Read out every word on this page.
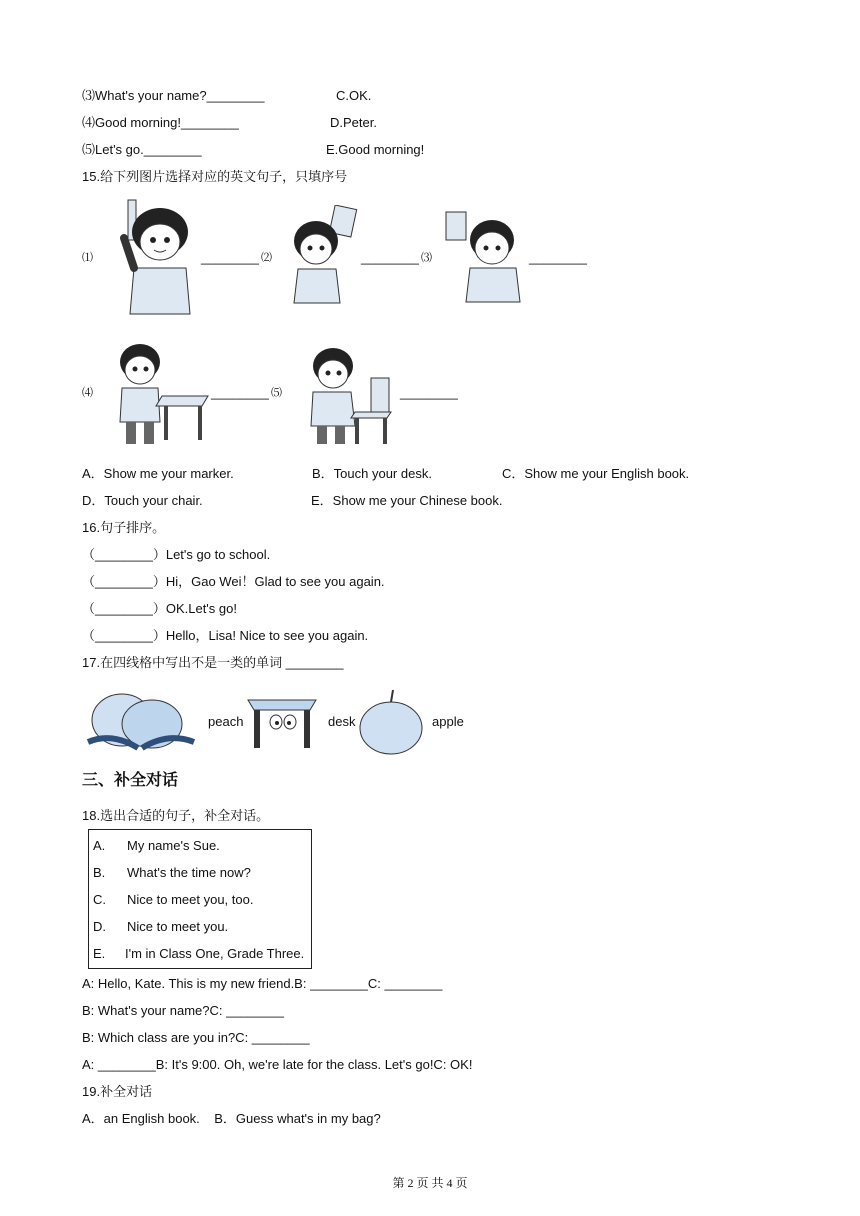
⑶What's your name?________	C.OK.
⑷Good morning!________	D.Peter.
⑸Let's go.________	E.Good morning!
15.给下列图片选择对应的英文句子，只填序号
⑴	________ ⑵	________ ⑶	________
⑷	________ ⑸	________
A．Show me your marker.	B．Touch your desk.	C．Show me your English book.
D．Touch your chair.	E．Show me your Chinese book.
16.句子排序。
（________）Let's go to school.
（________）Hi，Gao Wei！Glad to see you again.
（________）OK.Let's go!
（________）Hello，Lisa! Nice to see you again.
17.在四线格中写出不是一类的单词 ________
peach	desk	apple
三、补全对话
18.选出合适的句子，补全对话。
A. My name's Sue.
B. What's the time now?
C. Nice to meet you, too.
D. Nice to meet you.
E. I'm in Class One, Grade Three.
A: Hello, Kate. This is my new friend.B: ________C: ________
B: What's your name?C: ________
B: Which class are you in?C: ________
A: ________B: It's 9:00. Oh, we're late for the class. Let's go!C: OK!
19.补全对话
A．an English book.    B．Guess what's in my bag?
第 2 页 共 4 页
